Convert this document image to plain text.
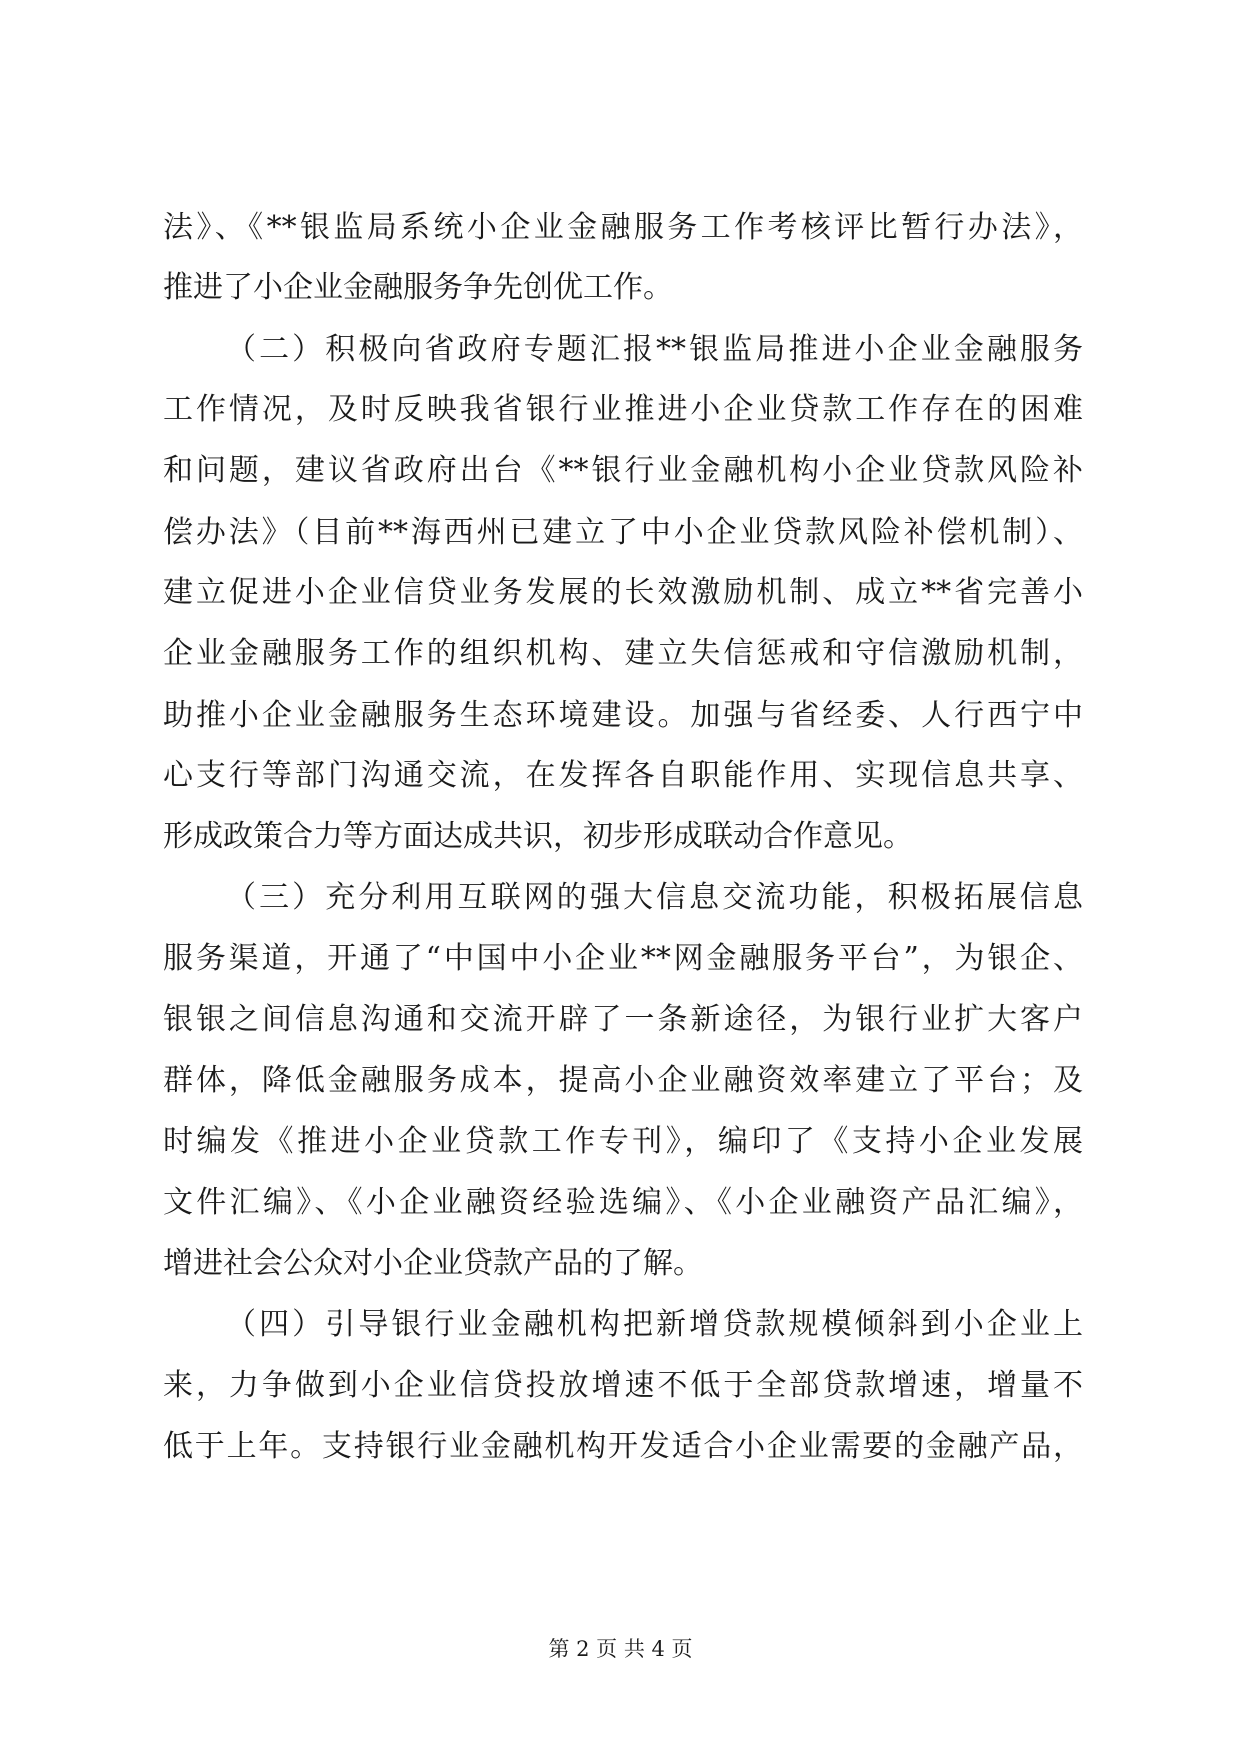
法》、《**银监局系统小企业金融服务工作考核评比暂行办法》，
推进了小企业金融服务争先创优工作。
（二）积极向省政府专题汇报**银监局推进小企业金融服务
工作情况，及时反映我省银行业推进小企业贷款工作存在的困难
和问题，建议省政府出台《**银行业金融机构小企业贷款风险补
偿办法》（目前**海西州已建立了中小企业贷款风险补偿机制）、
建立促进小企业信贷业务发展的长效激励机制、成立**省完善小
企业金融服务工作的组织机构、建立失信惩戒和守信激励机制，
助推小企业金融服务生态环境建设。加强与省经委、人行西宁中
心支行等部门沟通交流，在发挥各自职能作用、实现信息共享、
形成政策合力等方面达成共识，初步形成联动合作意见。
（三）充分利用互联网的强大信息交流功能，积极拓展信息
服务渠道，开通了“中国中小企业**网金融服务平台”，为银企、
银银之间信息沟通和交流开辟了一条新途径，为银行业扩大客户
群体，降低金融服务成本，提高小企业融资效率建立了平台；及
时编发《推进小企业贷款工作专刊》，编印了《支持小企业发展
文件汇编》、《小企业融资经验选编》、《小企业融资产品汇编》，
增进社会公众对小企业贷款产品的了解。
（四）引导银行业金融机构把新增贷款规模倾斜到小企业上
来，力争做到小企业信贷投放增速不低于全部贷款增速，增量不
低于上年。支持银行业金融机构开发适合小企业需要的金融产品，
第 2 页 共 4 页
